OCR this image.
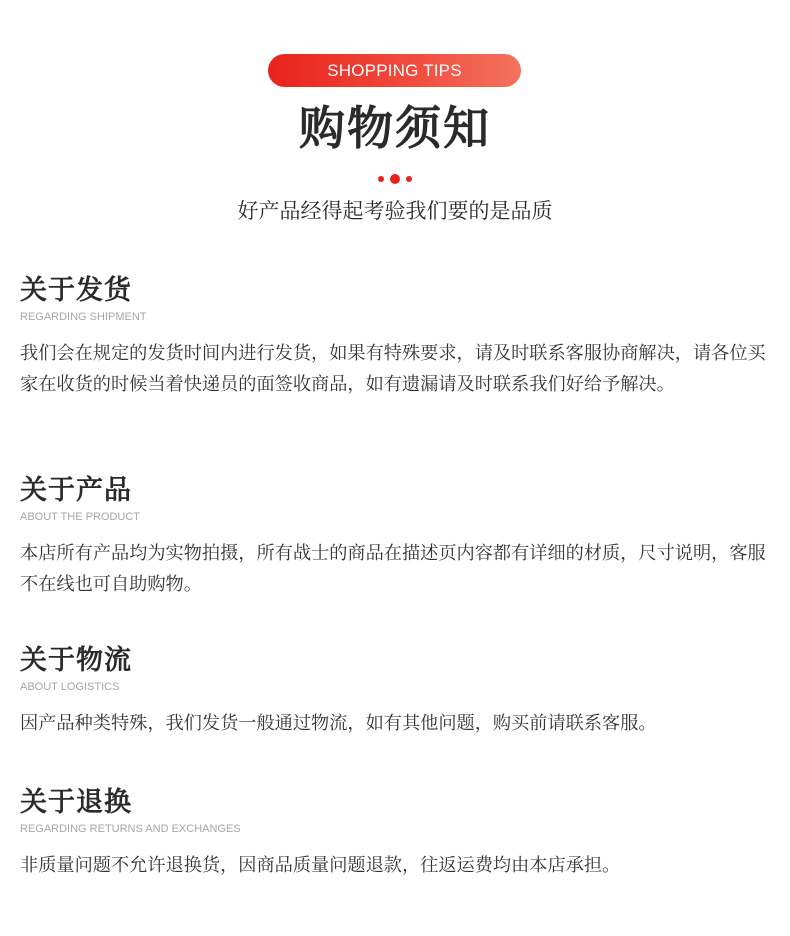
SHOPPING TIPS
购物须知
好产品经得起考验我们要的是品质
关于发货
REGARDING SHIPMENT
我们会在规定的发货时间内进行发货，如果有特殊要求，请及时联系客服协商解决，请各位买家在收货的时候当着快递员的面签收商品，如有遗漏请及时联系我们好给予解决。
关于产品
ABOUT THE PRODUCT
本店所有产品均为实物拍摄，所有战士的商品在描述页内容都有详细的材质，尺寸说明，客服不在线也可自助购物。
关于物流
ABOUT LOGISTICS
因产品种类特殊，我们发货一般通过物流，如有其他问题，购买前请联系客服。
关于退换
REGARDING RETURNS AND EXCHANGES
非质量问题不允许退换货，因商品质量问题退款，往返运费均由本店承担。
